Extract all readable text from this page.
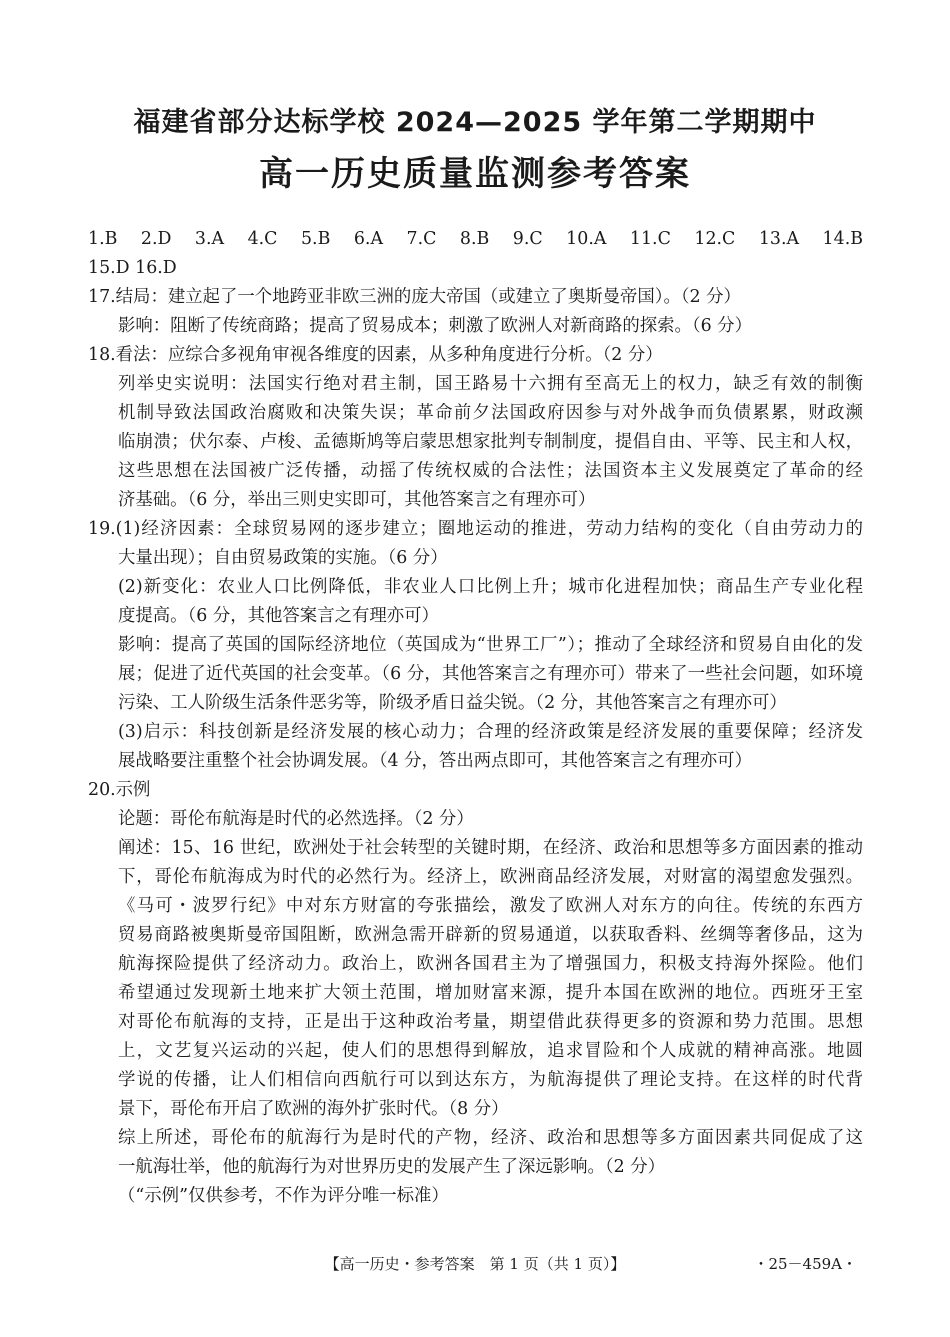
福建省部分达标学校 2024—2025 学年第二学期期中
高一历史质量监测参考答案
1.B 2.D 3.A 4.C 5.B 6.A 7.C 8.B 9.C 10.A 11.C 12.C 13.A 14.B
15.D 16.D
17.结局：建立起了一个地跨亚非欧三洲的庞大帝国（或建立了奥斯曼帝国）。（2 分）
影响：阻断了传统商路；提高了贸易成本；刺激了欧洲人对新商路的探索。（6 分）
18.看法：应综合多视角审视各维度的因素，从多种角度进行分析。（2 分）
列举史实说明：法国实行绝对君主制，国王路易十六拥有至高无上的权力，缺乏有效的制衡
机制导致法国政治腐败和决策失误；革命前夕法国政府因参与对外战争而负债累累，财政濒
临崩溃；伏尔泰、卢梭、孟德斯鸠等启蒙思想家批判专制制度，提倡自由、平等、民主和人权，
这些思想在法国被广泛传播，动摇了传统权威的合法性；法国资本主义发展奠定了革命的经
济基础。（6 分，举出三则史实即可，其他答案言之有理亦可）
19.(1)经济因素：全球贸易网的逐步建立；圈地运动的推进，劳动力结构的变化（自由劳动力的
大量出现）；自由贸易政策的实施。（6 分）
(2)新变化：农业人口比例降低，非农业人口比例上升；城市化进程加快；商品生产专业化程
度提高。（6 分，其他答案言之有理亦可）
影响：提高了英国的国际经济地位（英国成为“世界工厂”）；推动了全球经济和贸易自由化的发
展；促进了近代英国的社会变革。（6 分，其他答案言之有理亦可）带来了一些社会问题，如环境
污染、工人阶级生活条件恶劣等，阶级矛盾日益尖锐。（2 分，其他答案言之有理亦可）
(3)启示：科技创新是经济发展的核心动力；合理的经济政策是经济发展的重要保障；经济发
展战略要注重整个社会协调发展。（4 分，答出两点即可，其他答案言之有理亦可）
20.示例
论题：哥伦布航海是时代的必然选择。（2 分）
阐述：15、16 世纪，欧洲处于社会转型的关键时期，在经济、政治和思想等多方面因素的推动
下，哥伦布航海成为时代的必然行为。经济上，欧洲商品经济发展，对财富的渴望愈发强烈。
《马可・波罗行纪》中对东方财富的夸张描绘，激发了欧洲人对东方的向往。传统的东西方
贸易商路被奥斯曼帝国阻断，欧洲急需开辟新的贸易通道，以获取香料、丝绸等奢侈品，这为
航海探险提供了经济动力。政治上，欧洲各国君主为了增强国力，积极支持海外探险。他们
希望通过发现新土地来扩大领土范围，增加财富来源，提升本国在欧洲的地位。西班牙王室
对哥伦布航海的支持，正是出于这种政治考量，期望借此获得更多的资源和势力范围。思想
上，文艺复兴运动的兴起，使人们的思想得到解放，追求冒险和个人成就的精神高涨。地圆
学说的传播，让人们相信向西航行可以到达东方，为航海提供了理论支持。在这样的时代背
景下，哥伦布开启了欧洲的海外扩张时代。（8 分）
综上所述，哥伦布的航海行为是时代的产物，经济、政治和思想等多方面因素共同促成了这
一航海壮举，他的航海行为对世界历史的发展产生了深远影响。（2 分）
（“示例”仅供参考，不作为评分唯一标准）
【高一历史・参考答案　第 1 页（共 1 页）】	・25－459A・
